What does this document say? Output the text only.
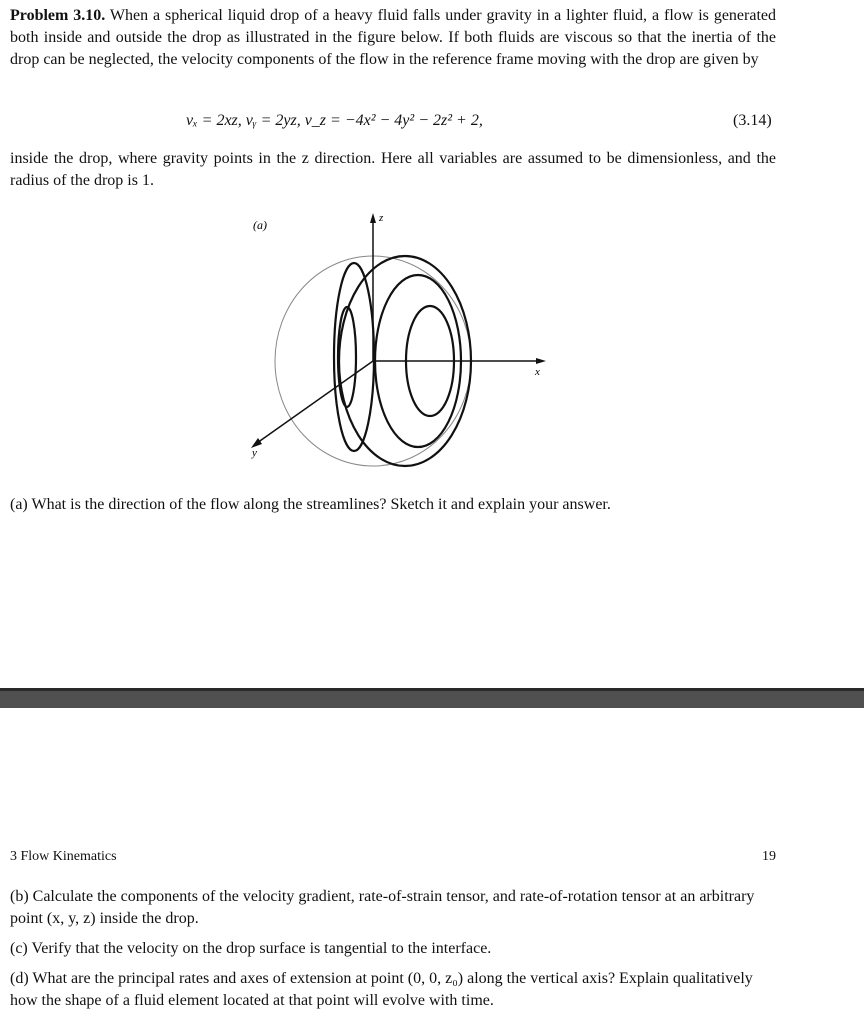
Problem 3.10. When a spherical liquid drop of a heavy fluid falls under gravity in a lighter fluid, a flow is generated both inside and outside the drop as illustrated in the figure below. If both fluids are viscous so that the inertia of the drop can be neglected, the velocity components of the flow in the reference frame moving with the drop are given by

vₓ = 2xz, vᵧ = 2yz, v_z = −4x² − 4y² − 2z² + 2,	(3.14)

inside the drop, where gravity points in the z direction. Here all variables are assumed to be dimensionless, and the radius of the drop is 1.

(a)	z
x
y

(a) What is the direction of the flow along the streamlines? Sketch it and explain your answer.

3 Flow Kinematics	19

(b) Calculate the components of the velocity gradient, rate-of-strain tensor, and rate-of-rotation tensor at an arbitrary point (x, y, z) inside the drop.

(c) Verify that the velocity on the drop surface is tangential to the interface.

(d) What are the principal rates and axes of extension at point (0, 0, z₀) along the vertical axis? Explain qualitatively how the shape of a fluid element located at that point will evolve with time.
